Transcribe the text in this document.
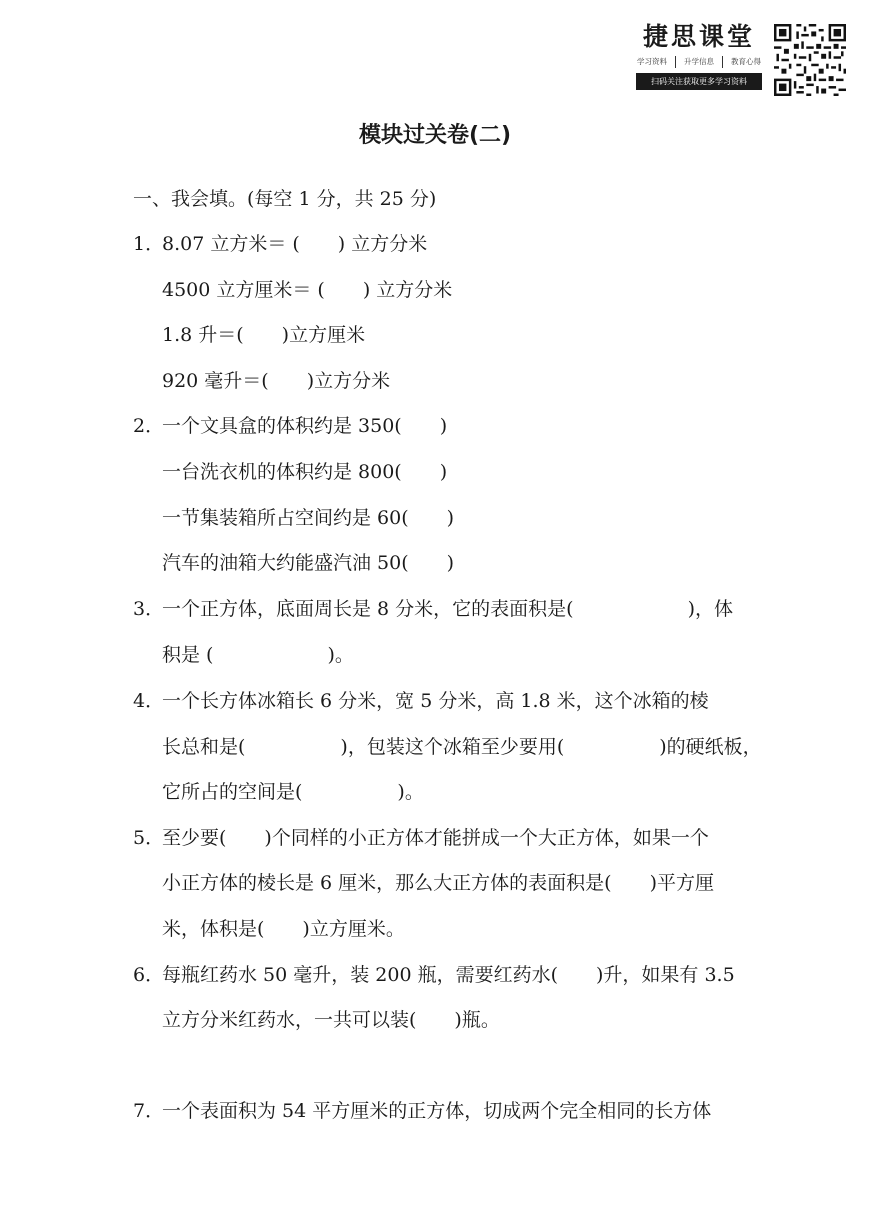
捷思课堂
学习资料 升学信息 教育心得
扫码关注获取更多学习资料
模块过关卷(二)
一、我会填。(每空 1 分，共 25 分)
1．
8.07 立方米＝ (　　) 立方分米
4500 立方厘米＝ (　　) 立方分米
1.8 升＝(　　)立方厘米
920 毫升＝(　　)立方分米
2．
一个文具盒的体积约是 350(　　)
一台洗衣机的体积约是 800(　　)
一节集装箱所占空间约是 60(　　)
汽车的油箱大约能盛汽油 50(　　)
3．
一个正方体，底面周长是 8 分米，它的表面积是(　　　　　　)，体
积是 (　　　　　　)。
4．
一个长方体冰箱长 6 分米，宽 5 分米，高 1.8 米，这个冰箱的棱
长总和是(　　　　　)，包装这个冰箱至少要用(　　　　　)的硬纸板，
它所占的空间是(　　　　　)。
5．
至少要(　　)个同样的小正方体才能拼成一个大正方体，如果一个
小正方体的棱长是 6 厘米，那么大正方体的表面积是(　　)平方厘
米，体积是(　　)立方厘米。
6．
每瓶红药水 50 毫升，装 200 瓶，需要红药水(　　)升，如果有 3.5
立方分米红药水，一共可以装(　　)瓶。
7．
一个表面积为 54 平方厘米的正方体，切成两个完全相同的长方体
